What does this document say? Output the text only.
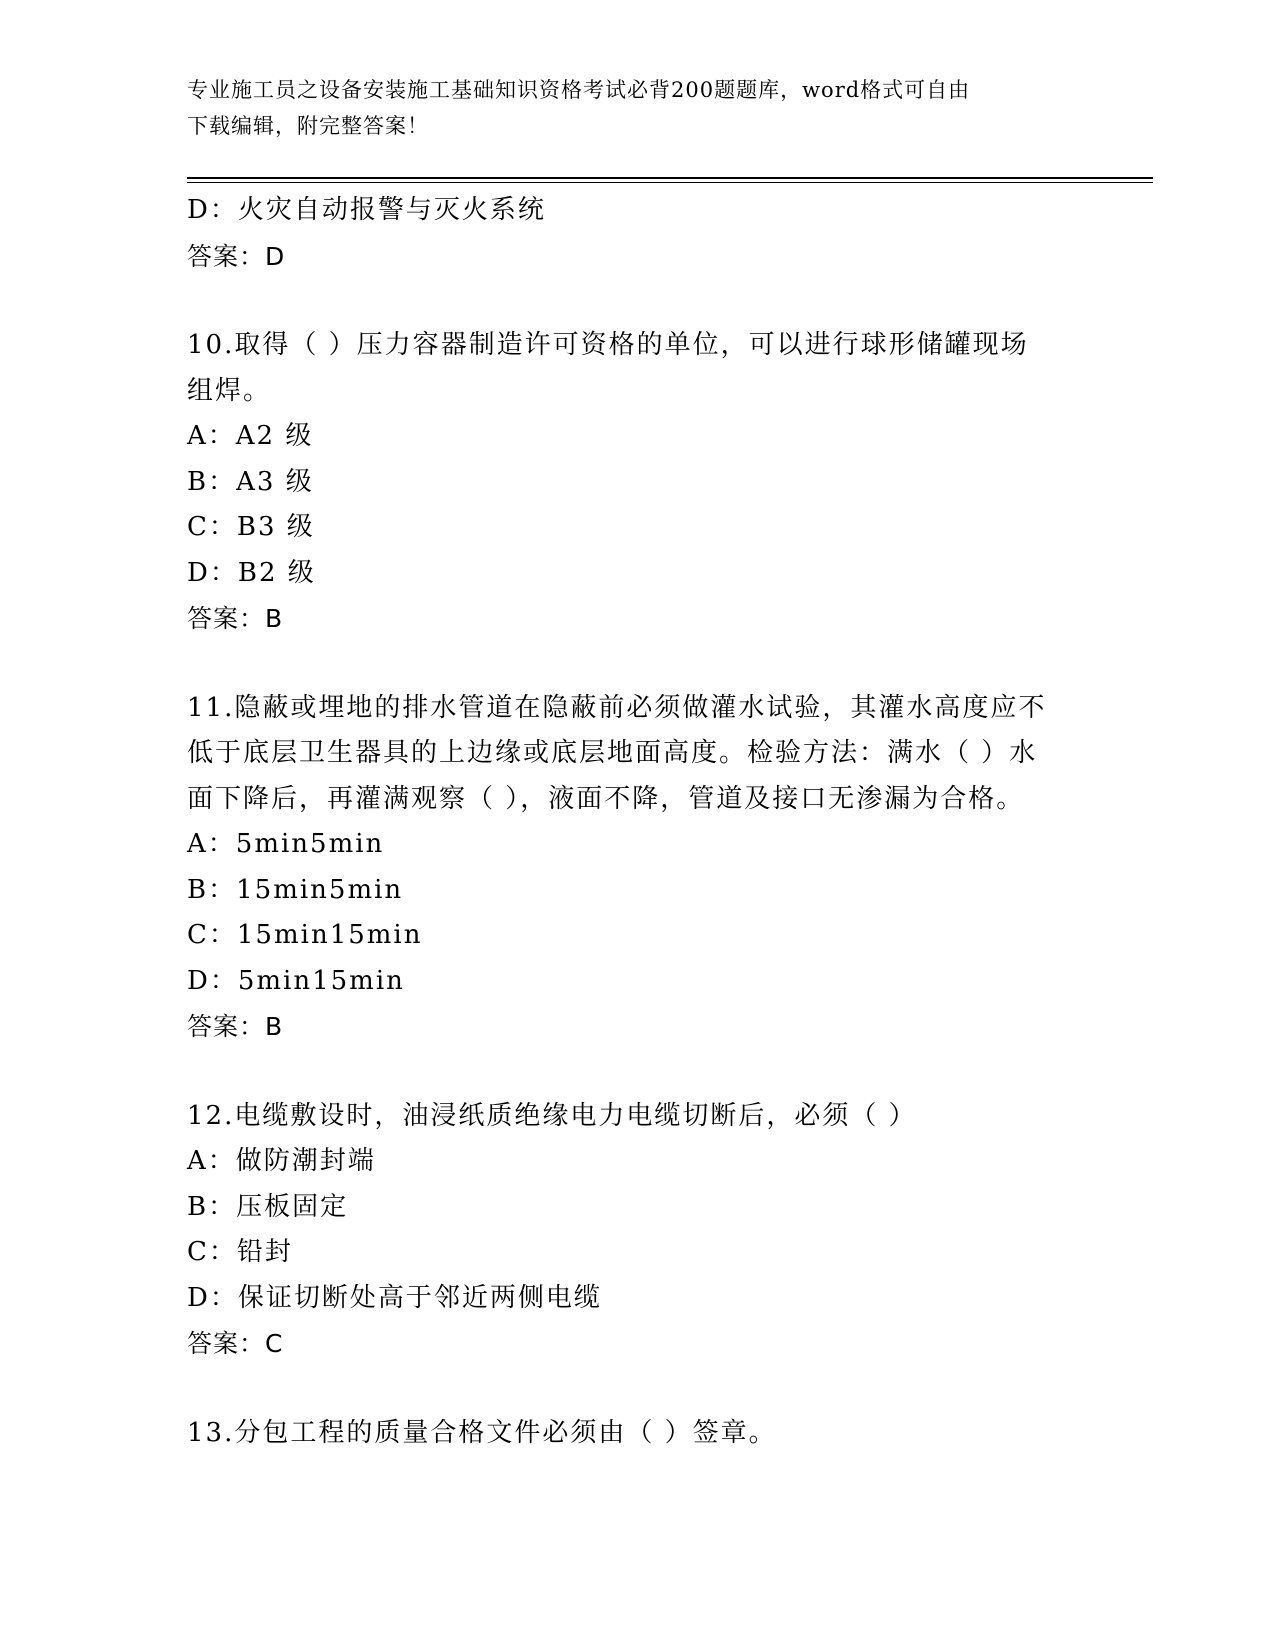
专业施工员之设备安装施工基础知识资格考试必背200题题库，word格式可自由
下载编辑，附完整答案！
D：火灾自动报警与灭火系统
答案：D
10.取得（ ）压力容器制造许可资格的单位，可以进行球形储罐现场
组焊。
A：A2 级
B：A3 级
C：B3 级
D：B2 级
答案：B
11.隐蔽或埋地的排水管道在隐蔽前必须做灌水试验，其灌水高度应不
低于底层卫生器具的上边缘或底层地面高度。检验方法：满水（ ）水
面下降后，再灌满观察（ ），液面不降，管道及接口无渗漏为合格。
A：5min5min
B：15min5min
C：15min15min
D：5min15min
答案：B
12.电缆敷设时，油浸纸质绝缘电力电缆切断后，必须（ ）
A：做防潮封端
B：压板固定
C：铅封
D：保证切断处高于邻近两侧电缆
答案：C
13.分包工程的质量合格文件必须由（ ）签章。
